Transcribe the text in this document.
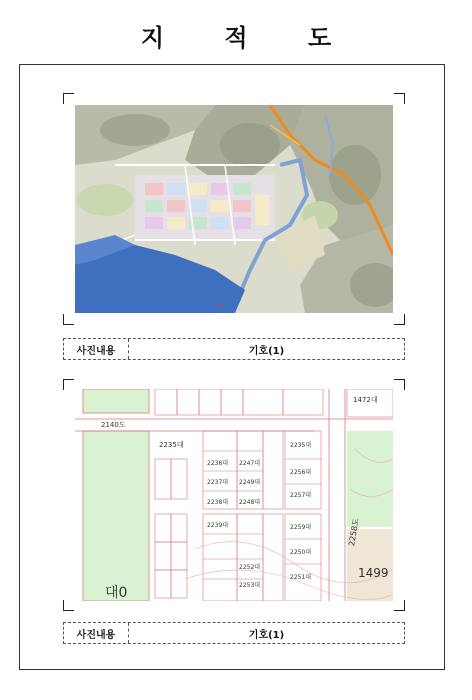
지 적 도
사진내용	기호(1)
1472대
2140도
2235대	2235대
2236대
2237대
2238대
2247대
2249대
2248대
2239대
2256대
2257대
2259대
2250대
2251대
2252대
2253대
2258도
1499
대0
사진내용	기호(1)
